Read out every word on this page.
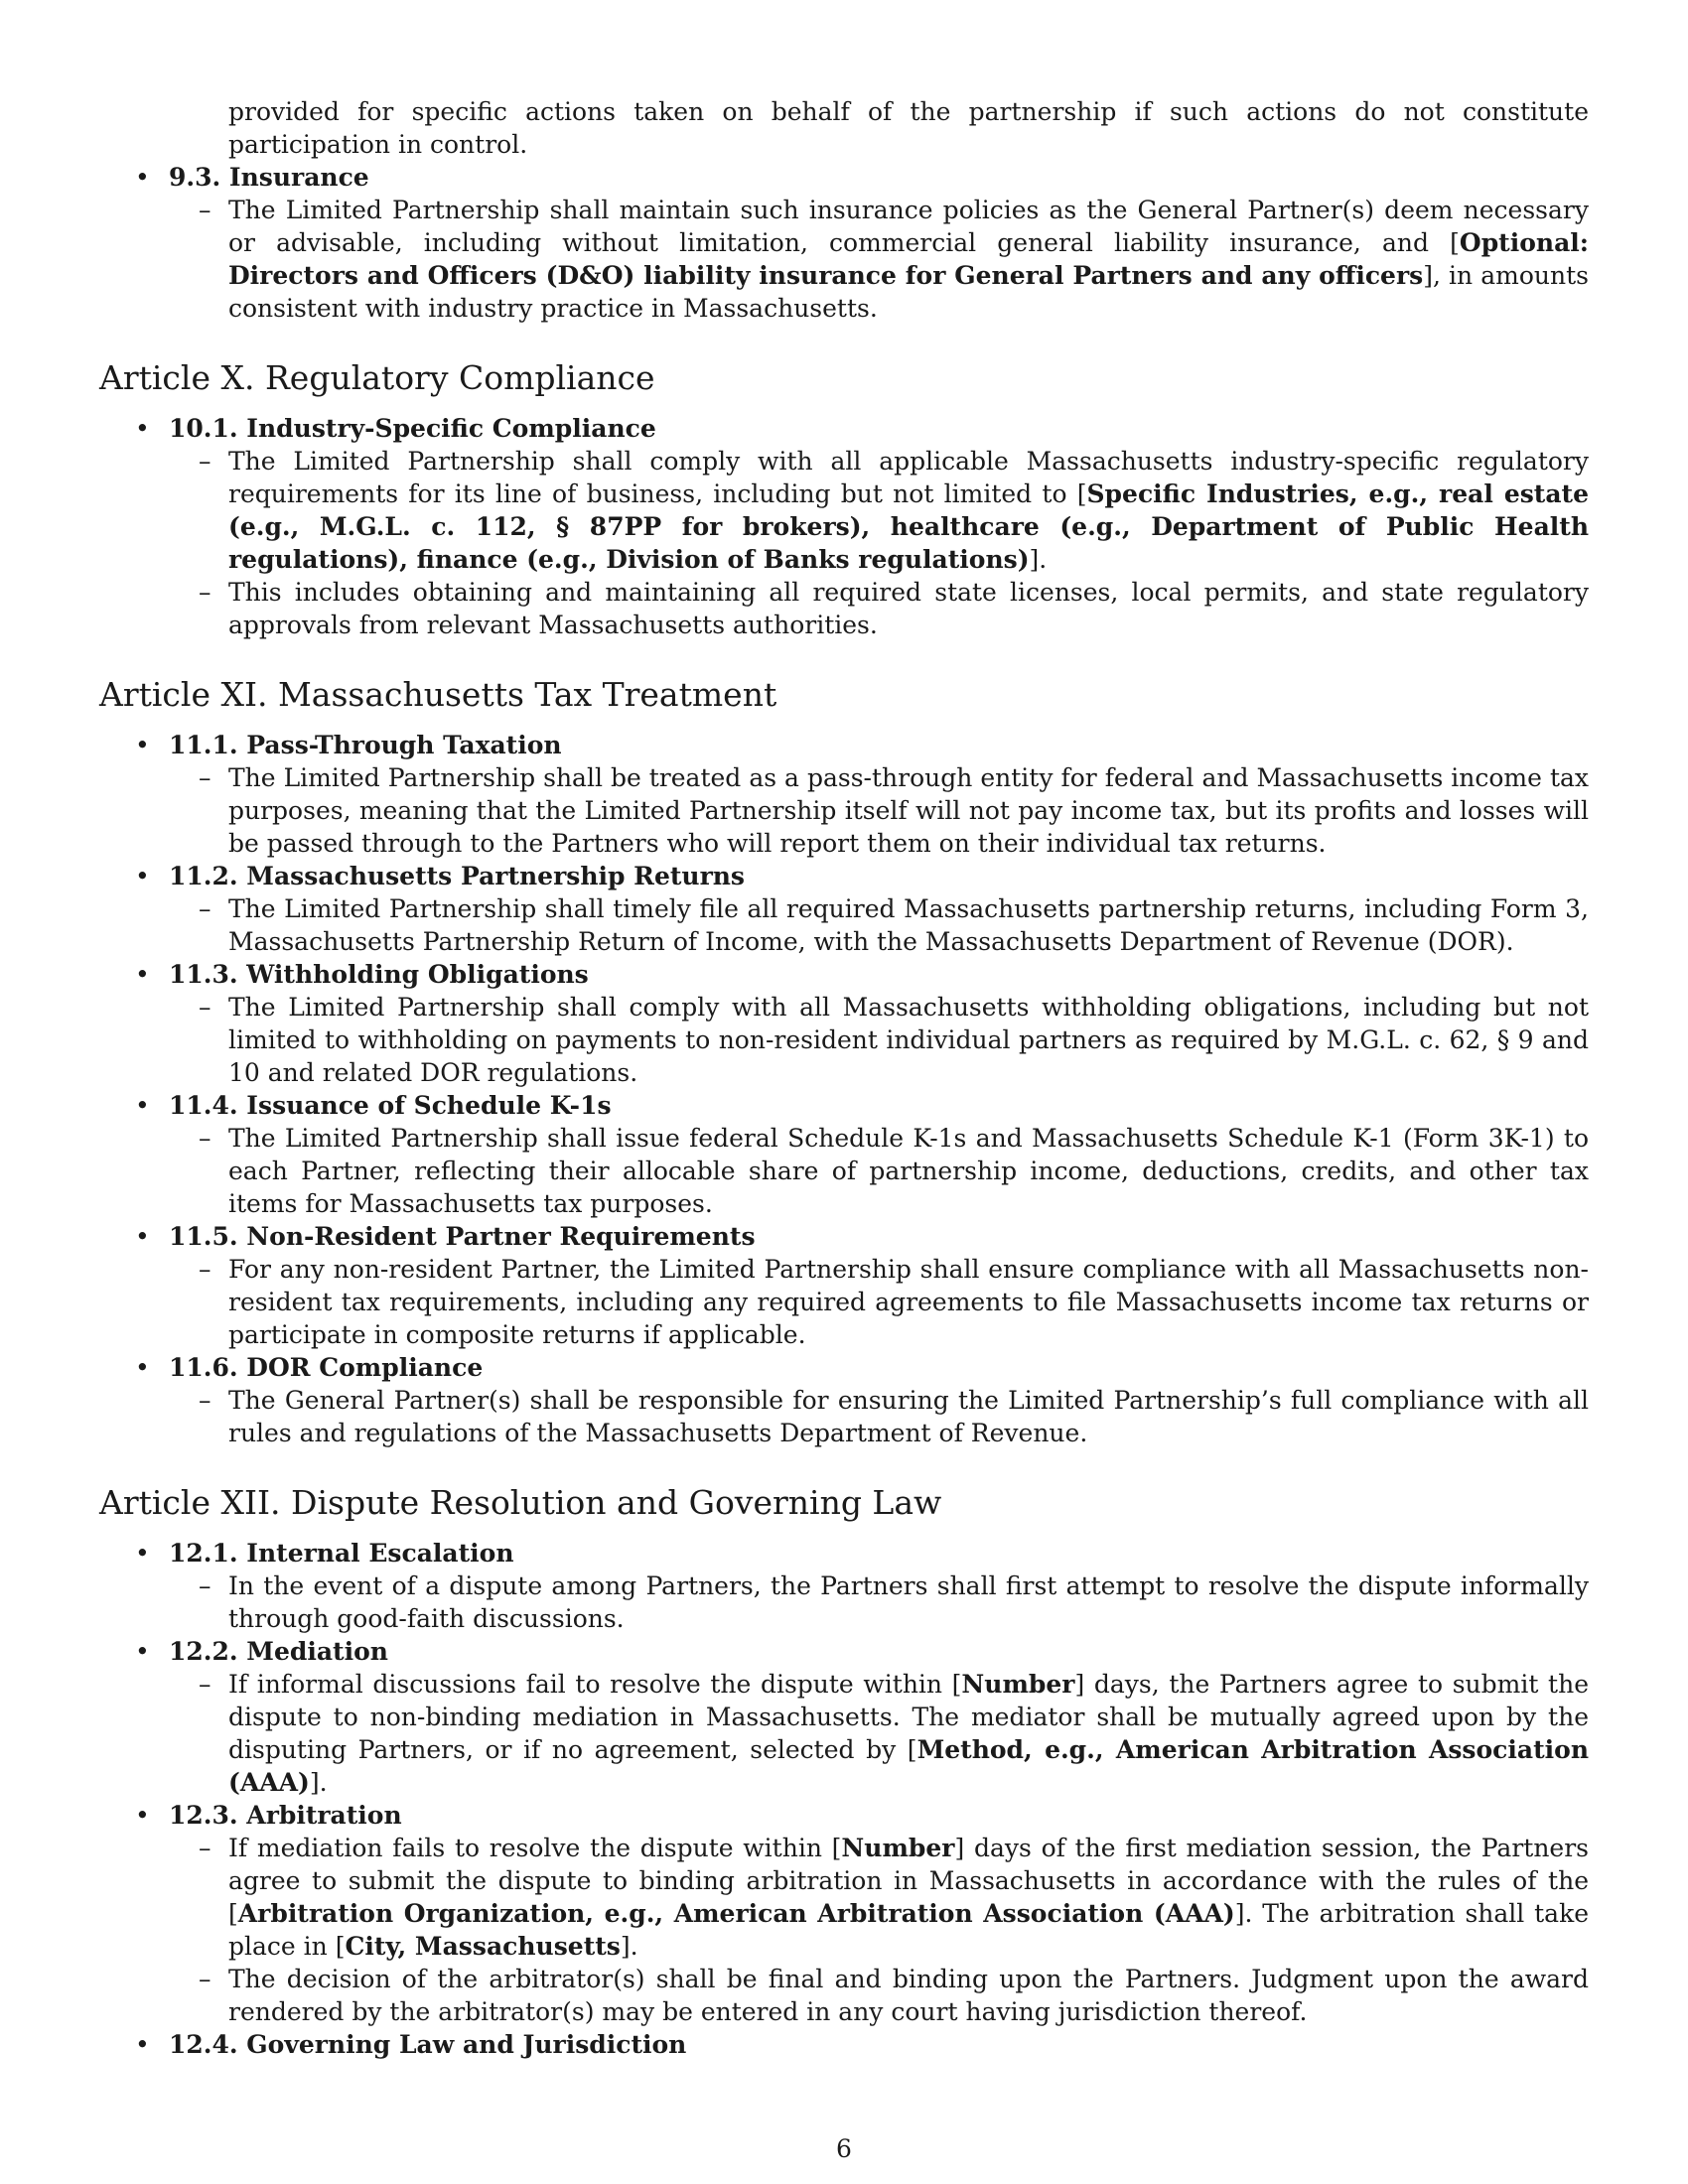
provided for specific actions taken on behalf of the partnership if such actions do not constitute participation in control.
• 9.3. Insurance
– The Limited Partnership shall maintain such insurance policies as the General Partner(s) deem necessary or advisable, including without limitation, commercial general liability insurance, and [Optional: Directors and Officers (D&O) liability insurance for General Partners and any officers], in amounts consistent with industry practice in Massachusetts.
Article X. Regulatory Compliance
• 10.1. Industry-Specific Compliance
– The Limited Partnership shall comply with all applicable Massachusetts industry-specific regulatory requirements for its line of business, including but not limited to [Specific Industries, e.g., real estate (e.g., M.G.L. c. 112, § 87PP for brokers), healthcare (e.g., Department of Public Health regulations), finance (e.g., Division of Banks regulations)].
– This includes obtaining and maintaining all required state licenses, local permits, and state regulatory approvals from relevant Massachusetts authorities.
Article XI. Massachusetts Tax Treatment
• 11.1. Pass-Through Taxation
– The Limited Partnership shall be treated as a pass-through entity for federal and Massachusetts income tax purposes, meaning that the Limited Partnership itself will not pay income tax, but its profits and losses will be passed through to the Partners who will report them on their individual tax returns.
• 11.2. Massachusetts Partnership Returns
– The Limited Partnership shall timely file all required Massachusetts partnership returns, including Form 3, Massachusetts Partnership Return of Income, with the Massachusetts Department of Revenue (DOR).
• 11.3. Withholding Obligations
– The Limited Partnership shall comply with all Massachusetts withholding obligations, including but not limited to withholding on payments to non-resident individual partners as required by M.G.L. c. 62, § 9 and 10 and related DOR regulations.
• 11.4. Issuance of Schedule K-1s
– The Limited Partnership shall issue federal Schedule K-1s and Massachusetts Schedule K-1 (Form 3K-1) to each Partner, reflecting their allocable share of partnership income, deductions, credits, and other tax items for Massachusetts tax purposes.
• 11.5. Non-Resident Partner Requirements
– For any non-resident Partner, the Limited Partnership shall ensure compliance with all Massachusetts non-resident tax requirements, including any required agreements to file Massachusetts income tax returns or participate in composite returns if applicable.
• 11.6. DOR Compliance
– The General Partner(s) shall be responsible for ensuring the Limited Partnership’s full compliance with all rules and regulations of the Massachusetts Department of Revenue.
Article XII. Dispute Resolution and Governing Law
• 12.1. Internal Escalation
– In the event of a dispute among Partners, the Partners shall first attempt to resolve the dispute informally through good-faith discussions.
• 12.2. Mediation
– If informal discussions fail to resolve the dispute within [Number] days, the Partners agree to submit the dispute to non-binding mediation in Massachusetts. The mediator shall be mutually agreed upon by the disputing Partners, or if no agreement, selected by [Method, e.g., American Arbitration Association (AAA)].
• 12.3. Arbitration
– If mediation fails to resolve the dispute within [Number] days of the first mediation session, the Partners agree to submit the dispute to binding arbitration in Massachusetts in accordance with the rules of the [Arbitration Organization, e.g., American Arbitration Association (AAA)]. The arbitration shall take place in [City, Massachusetts].
– The decision of the arbitrator(s) shall be final and binding upon the Partners. Judgment upon the award rendered by the arbitrator(s) may be entered in any court having jurisdiction thereof.
• 12.4. Governing Law and Jurisdiction
6
